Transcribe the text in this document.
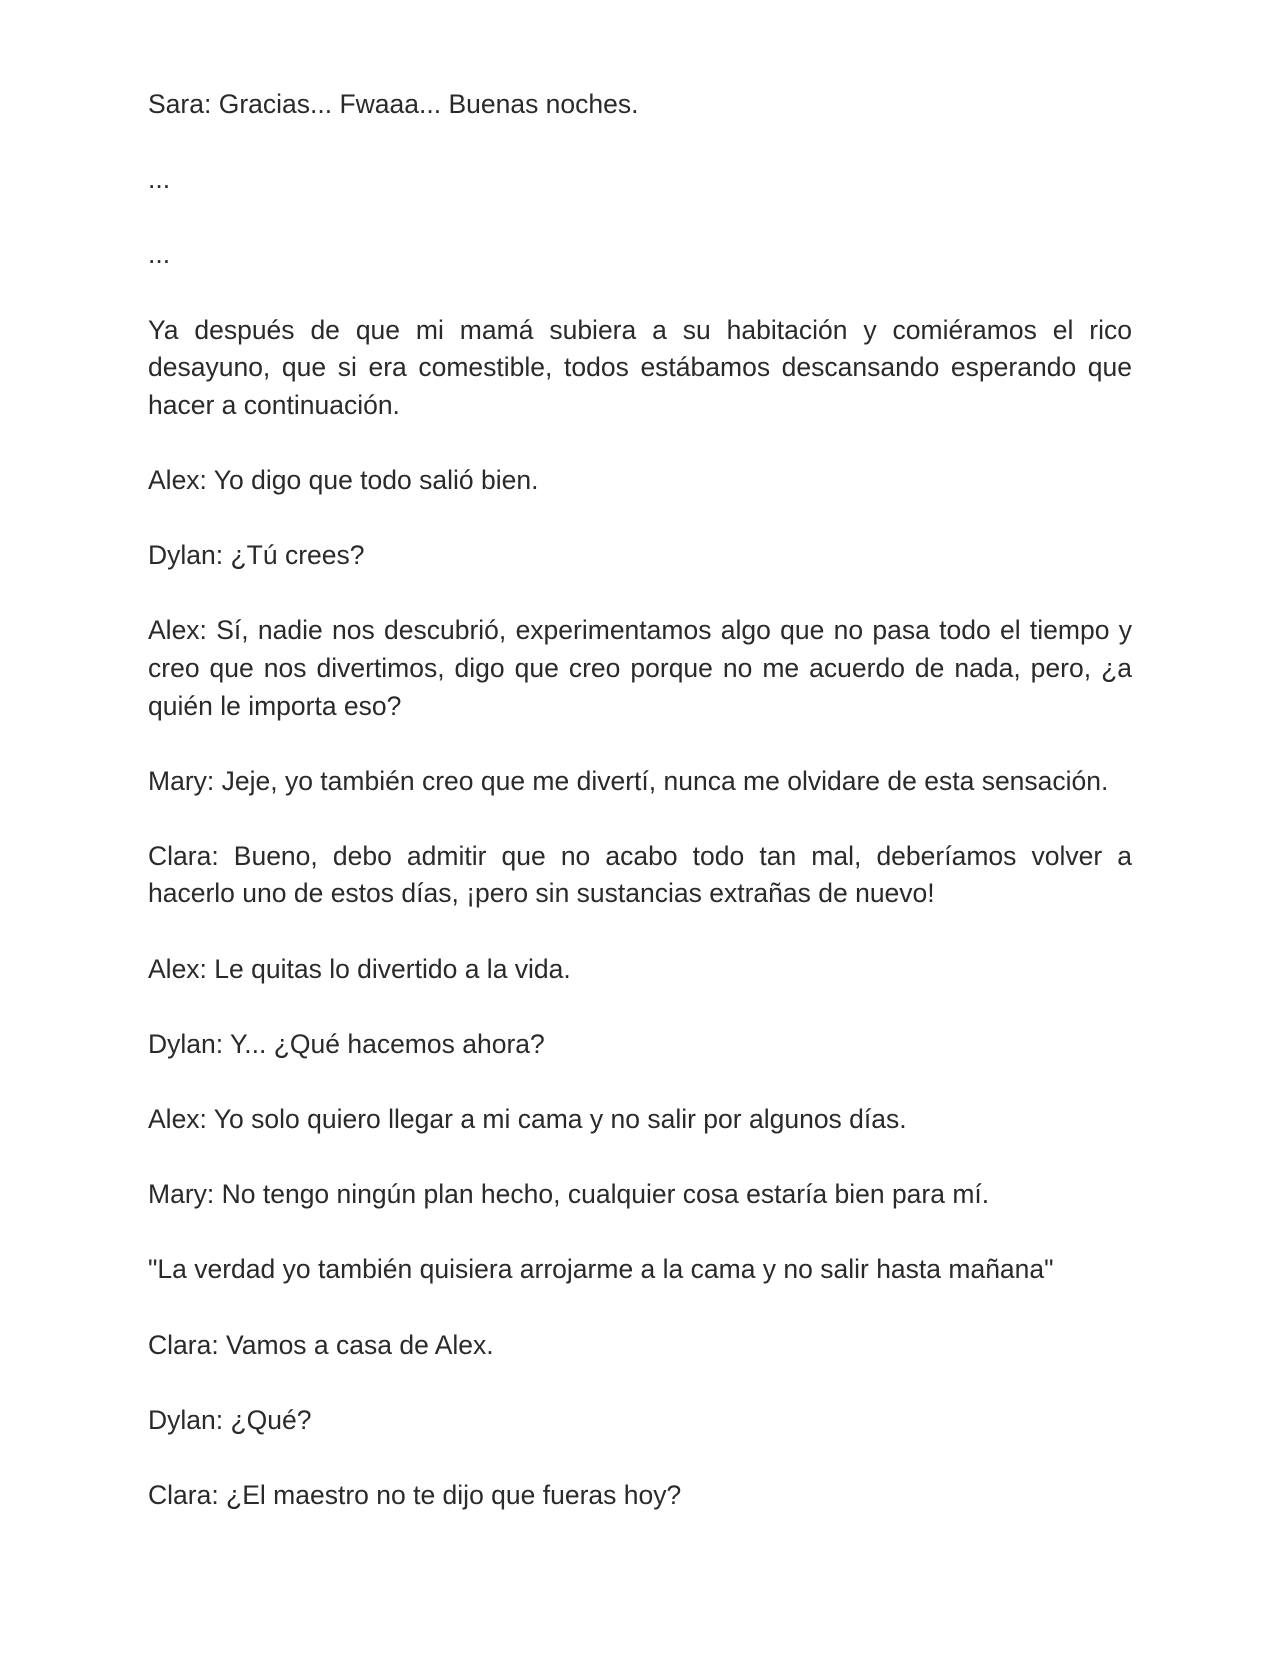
Sara: Gracias... Fwaaa... Buenas noches.

...

...

Ya después de que mi mamá subiera a su habitación y comiéramos el rico desayuno, que si era comestible, todos estábamos descansando esperando que hacer a continuación.

Alex: Yo digo que todo salió bien.

Dylan: ¿Tú crees?

Alex: Sí, nadie nos descubrió, experimentamos algo que no pasa todo el tiempo y creo que nos divertimos, digo que creo porque no me acuerdo de nada, pero, ¿a quién le importa eso?

Mary: Jeje, yo también creo que me divertí, nunca me olvidare de esta sensación.

Clara: Bueno, debo admitir que no acabo todo tan mal, deberíamos volver a hacerlo uno de estos días, ¡pero sin sustancias extrañas de nuevo!

Alex: Le quitas lo divertido a la vida.

Dylan: Y... ¿Qué hacemos ahora?

Alex: Yo solo quiero llegar a mi cama y no salir por algunos días.

Mary: No tengo ningún plan hecho, cualquier cosa estaría bien para mí.

"La verdad yo también quisiera arrojarme a la cama y no salir hasta mañana"

Clara: Vamos a casa de Alex.

Dylan: ¿Qué?

Clara: ¿El maestro no te dijo que fueras hoy?
